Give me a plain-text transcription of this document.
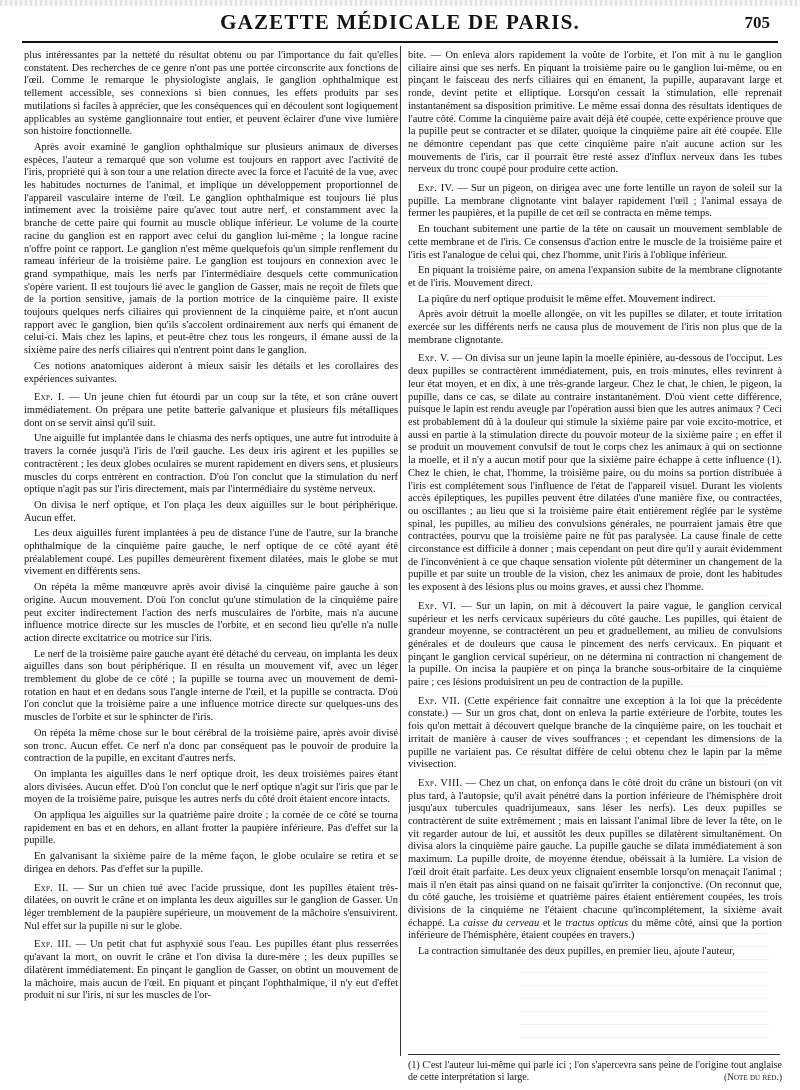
GAZETTE MÉDICALE DE PARIS.	705

plus intéressantes par la netteté du résultat obtenu ou par l'importance du fait qu'elles constatent. Des recherches de ce genre n'ont pas une portée circonscrite aux fonctions de l'œil. Comme le remarque le physiologiste anglais, le ganglion ophthalmique est tellement accessible, ses connexions si bien connues, les effets produits par ses mutilations si faciles à apprécier, que les conséquences qui en découlent sont logiquement applicables au système ganglionnaire tout entier, et peuvent éclairer d'une vive lumière son histoire fonctionnelle.

Après avoir examiné le ganglion ophthalmique sur plusieurs animaux de diverses espèces, l'auteur a remarqué que son volume est toujours en rapport avec l'activité de l'iris, propriété qui à son tour a une relation directe avec la force et l'acuité de la vue, avec les habitudes nocturnes de l'animal, et implique un développement proportionnel de l'appareil vasculaire interne de l'œil. Le ganglion ophthalmique est toujours lié plus intimement avec la troisième paire qu'avec tout autre nerf, et constamment avec la branche de cette paire qui fournit au muscle oblique inférieur. Le volume de la courte racine du ganglion est en rapport avec celui du ganglion lui-même ; la longue racine n'offre point ce rapport. Le ganglion n'est même quelquefois qu'un simple renflement du rameau inférieur de la troisième paire. Le ganglion est toujours en connexion avec le grand sympathique, mais les nerfs par l'intermédiaire desquels cette communication s'opère varient. Il est toujours lié avec le ganglion de Gasser, mais ne reçoit de filets que de la portion sensitive, jamais de la portion motrice de la cinquième paire. Il existe toujours quelques nerfs ciliaires qui proviennent de la cinquième paire, et n'ont aucun rapport avec le ganglion, bien qu'ils s'accolent ordinairement aux nerfs qui émanent de celui-ci. Mais chez les lapins, et peut-être chez tous les rongeurs, il émane aussi de la sixième paire des nerfs ciliaires qui n'entrent point dans le ganglion.

Ces notions anatomiques aideront à mieux saisir les détails et les corollaires des expériences suivantes.

Exp. I. — Un jeune chien fut étourdi par un coup sur la tête, et son crâne ouvert immédiatement. On prépara une petite batterie galvanique et plusieurs fils métalliques dont on se servit ainsi qu'il suit.

Une aiguille fut implantée dans le chiasma des nerfs optiques, une autre fut introduite à travers la cornée jusqu'à l'iris de l'œil gauche. Les deux iris agirent et les pupilles se contractèrent ; les deux globes oculaires se murent rapidement en divers sens, et plusieurs muscles du corps entrèrent en contraction. D'où l'on conclut que la stimulation du nerf optique n'agit pas sur l'iris directement, mais par l'intermédiaire du système nerveux.

On divisa le nerf optique, et l'on plaça les deux aiguilles sur le bout périphérique. Aucun effet.

Les deux aiguilles furent implantées à peu de distance l'une de l'autre, sur la branche ophthalmique de la cinquième paire gauche, le nerf optique de ce côté ayant été préalablement coupé. Les pupilles demeurèrent fixement dilatées, mais le globe se mut vivement en différents sens.

On répéta la même manœuvre après avoir divisé la cinquième paire gauche à son origine. Aucun mouvement. D'où l'on conclut qu'une stimulation de la cinquième paire peut exciter indirectement l'action des nerfs musculaires de l'orbite, mais n'a aucune influence motrice directe sur les muscles de l'orbite, et en second lieu qu'elle n'a nulle action directe excitatrice ou motrice sur l'iris.

Le nerf de la troisième paire gauche ayant été détaché du cerveau, on implanta les deux aiguilles dans son bout périphérique. Il en résulta un mouvement vif, avec un léger tremblement du globe de ce côté ; la pupille se tourna avec un mouvement de demi-rotation en haut et en dedans sous l'angle interne de l'œil, et la pupille se contracta. D'où l'on conclut que la troisième paire a une influence motrice directe sur quelques-uns des muscles de l'orbite et sur le sphincter de l'iris.

On répéta la même chose sur le bout cérébral de la troisième paire, après avoir divisé son tronc. Aucun effet. Ce nerf n'a donc par conséquent pas le pouvoir de produire la contraction de la pupille, en excitant d'autres nerfs.

On implanta les aiguilles dans le nerf optique droit, les deux troisièmes paires étant alors divisées. Aucun effet. D'où l'on conclut que le nerf optique n'agit sur l'iris que par le moyen de la troisième paire, puisque les autres nerfs du côté droit étaient encore intacts.

On appliqua les aiguilles sur la quatrième paire droite ; la cornée de ce côté se tourna rapidement en bas et en dehors, en allant frotter la paupière inférieure. Pas d'effet sur la pupille.

En galvanisant la sixième paire de la même façon, le globe oculaire se retira et se dirigea en dehors. Pas d'effet sur la pupille.

Exp. II. — Sur un chien tué avec l'acide prussique, dont les pupilles étaient très-dilatées, on ouvrit le crâne et on implanta les deux aiguilles sur le ganglion de Gasser. Un léger tremblement de la paupière supérieure, un mouvement de la mâchoire s'ensuivirent. Nul effet sur la pupille ni sur le globe.

Exp. III. — Un petit chat fut asphyxié sous l'eau. Les pupilles étant plus resserrées qu'avant la mort, on ouvrit le crâne et l'on divisa la dure-mère ; les deux pupilles se dilatèrent immédiatement. En pinçant le ganglion de Gasser, on obtint un mouvement de la mâchoire, mais aucun de l'œil. En piquant et pinçant l'ophthalmique, il n'y eut d'effet produit ni sur l'iris, ni sur les muscles de l'or-

bite. — On enleva alors rapidement la voûte de l'orbite, et l'on mit à nu le ganglion ciliaire ainsi que ses nerfs. En piquant la troisième paire ou le ganglion lui-même, ou en pinçant le faisceau des nerfs ciliaires qui en émanent, la pupille, auparavant large et ronde, devint petite et elliptique. Lorsqu'on cessait la stimulation, elle reprenait instantanément sa disposition primitive. Le même essai donna des résultats identiques de l'autre côté. Comme la cinquième paire avait déjà été coupée, cette expérience prouve que la pupille peut se contracter et se dilater, quoique la cinquième paire ait été coupée. Elle ne démontre cependant pas que cette cinquième paire n'ait aucune action sur les mouvements de l'iris, car il pourrait être resté assez d'influx nerveux dans les tubes nerveux du tronc coupé pour produire cette action.

Exp. IV. — Sur un pigeon, on dirigea avec une forte lentille un rayon de soleil sur la pupille. La membrane clignotante vint balayer rapidement l'œil ; l'animal essaya de fermer les paupières, et la pupille de cet œil se contracta en même temps.

En touchant subitement une partie de la tête on causait un mouvement semblable de cette membrane et de l'iris. Ce consensus d'action entre le muscle de la troisième paire et l'iris est l'analogue de celui qui, chez l'homme, unit l'iris à l'oblique inférieur.

En piquant la troisième paire, on amena l'expansion subite de la membrane clignotante et de l'iris. Mouvement direct.

La piqûre du nerf optique produisit le même effet. Mouvement indirect.

Après avoir détruit la moelle allongée, on vit les pupilles se dilater, et toute irritation exercée sur les différents nerfs ne causa plus de mouvement de l'iris non plus que de la membrane clignotante.

Exp. V. — On divisa sur un jeune lapin la moelle épinière, au-dessous de l'occiput. Les deux pupilles se contractèrent immédiatement, puis, en trois minutes, elles revinrent à leur état moyen, et en dix, à une très-grande largeur. Chez le chat, le chien, le pigeon, la pupille, dans ce cas, se dilate au contraire instantanément. D'où vient cette différence, puisque le lapin est rendu aveugle par l'opération aussi bien que les autres animaux ? Ceci est probablement dû à la douleur qui stimule la sixième paire par voie excito-motrice, et aussi en partie à la stimulation directe du pouvoir moteur de la sixième paire ; en effet il se produit un mouvement convulsif de tout le corps chez les animaux à qui on sectionne la moelle, et il n'y a aucun motif pour que la sixième paire échappe à cette influence (1). Chez le chien, le chat, l'homme, la troisième paire, ou du moins sa portion distribuée à l'iris est complétement sous l'influence de l'état de l'appareil visuel. Durant les violents accès épileptiques, les pupilles peuvent être dilatées d'une manière fixe, ou contractées, ou oscillantes ; au lieu que si la troisième paire était entièrement réglée par le système spinal, les pupilles, au milieu des convulsions générales, ne pourraient jamais être que contractées, pourvu que la troisième paire ne fût pas paralysée. La cause finale de cette circonstance est difficile à donner ; mais cependant on peut dire qu'il y aurait évidemment de l'inconvénient à ce que chaque sensation violente pût déterminer un changement de la pupille et par suite un trouble de la vision, chez les animaux de proie, dont les habitudes les exposent à des lésions plus ou moins graves, et aussi chez l'homme.

Exp. VI. — Sur un lapin, on mit à découvert la paire vague, le ganglion cervical supérieur et les nerfs cervicaux supérieurs du côté gauche. Les pupilles, qui étaient de grandeur moyenne, se contractèrent un peu et graduellement, au milieu de convulsions générales et de douleurs que causa le pincement des nerfs cervicaux. En piquant et pinçant le ganglion cervical supérieur, on ne détermina ni contraction ni changement de la pupille. On incisa la paupière et on pinça la branche sous-orbitaire de la cinquième paire ; ces lésions produisirent un peu de contraction de la pupille.

Exp. VII. (Cette expérience fait connaître une exception à la loi que la précédente constate.) — Sur un gros chat, dont on enleva la partie extérieure de l'orbite, toutes les fois qu'on mettait à découvert quelque branche de la cinquième paire, on les touchait et irritait de manière à causer de vives souffrances ; et cependant les dimensions de la pupille ne variaient pas. Ce résultat diffère de celui obtenu chez le lapin par la même vivisection.

Exp. VIII. — Chez un chat, on enfonça dans le côté droit du crâne un bistouri (on vit plus tard, à l'autopsie, qu'il avait pénétré dans la portion inférieure de l'hémisphère droit jusqu'aux tubercules quadrijumeaux, sans léser les nerfs). Les deux pupilles se contractèrent de suite extrêmement ; mais en laissant l'animal libre de lever la tête, on le vit regarder autour de lui, et aussitôt les deux pupilles se dilatèrent simultanément. On divisa alors la cinquième paire gauche. La pupille gauche se dilata immédiatement à son maximum. La pupille droite, de moyenne étendue, obéissait à la lumière. La vision de l'œil droit était parfaite. Les deux yeux clignaient ensemble lorsqu'on menaçait l'animal ; mais il n'en était pas ainsi quand on ne faisait qu'irriter la conjonctive. (On reconnut que, du côté gauche, les troisième et quatrième paires étaient entièrement coupées, les trois divisions de la cinquième ne l'étaient chacune qu'incomplétement, la sixième avait échappé. La caisse du cerveau et le tractus opticus du même côté, ainsi que la portion inférieure de l'hémisphère, étaient coupées en travers.)

La contraction simultanée des deux pupilles, en premier lieu, ajoute l'auteur,

(1) C'est l'auteur lui-même qui parle ici ; l'on s'apercevra sans peine de l'origine tout anglaise de cette interprétation si large.	(Note du réd.)
